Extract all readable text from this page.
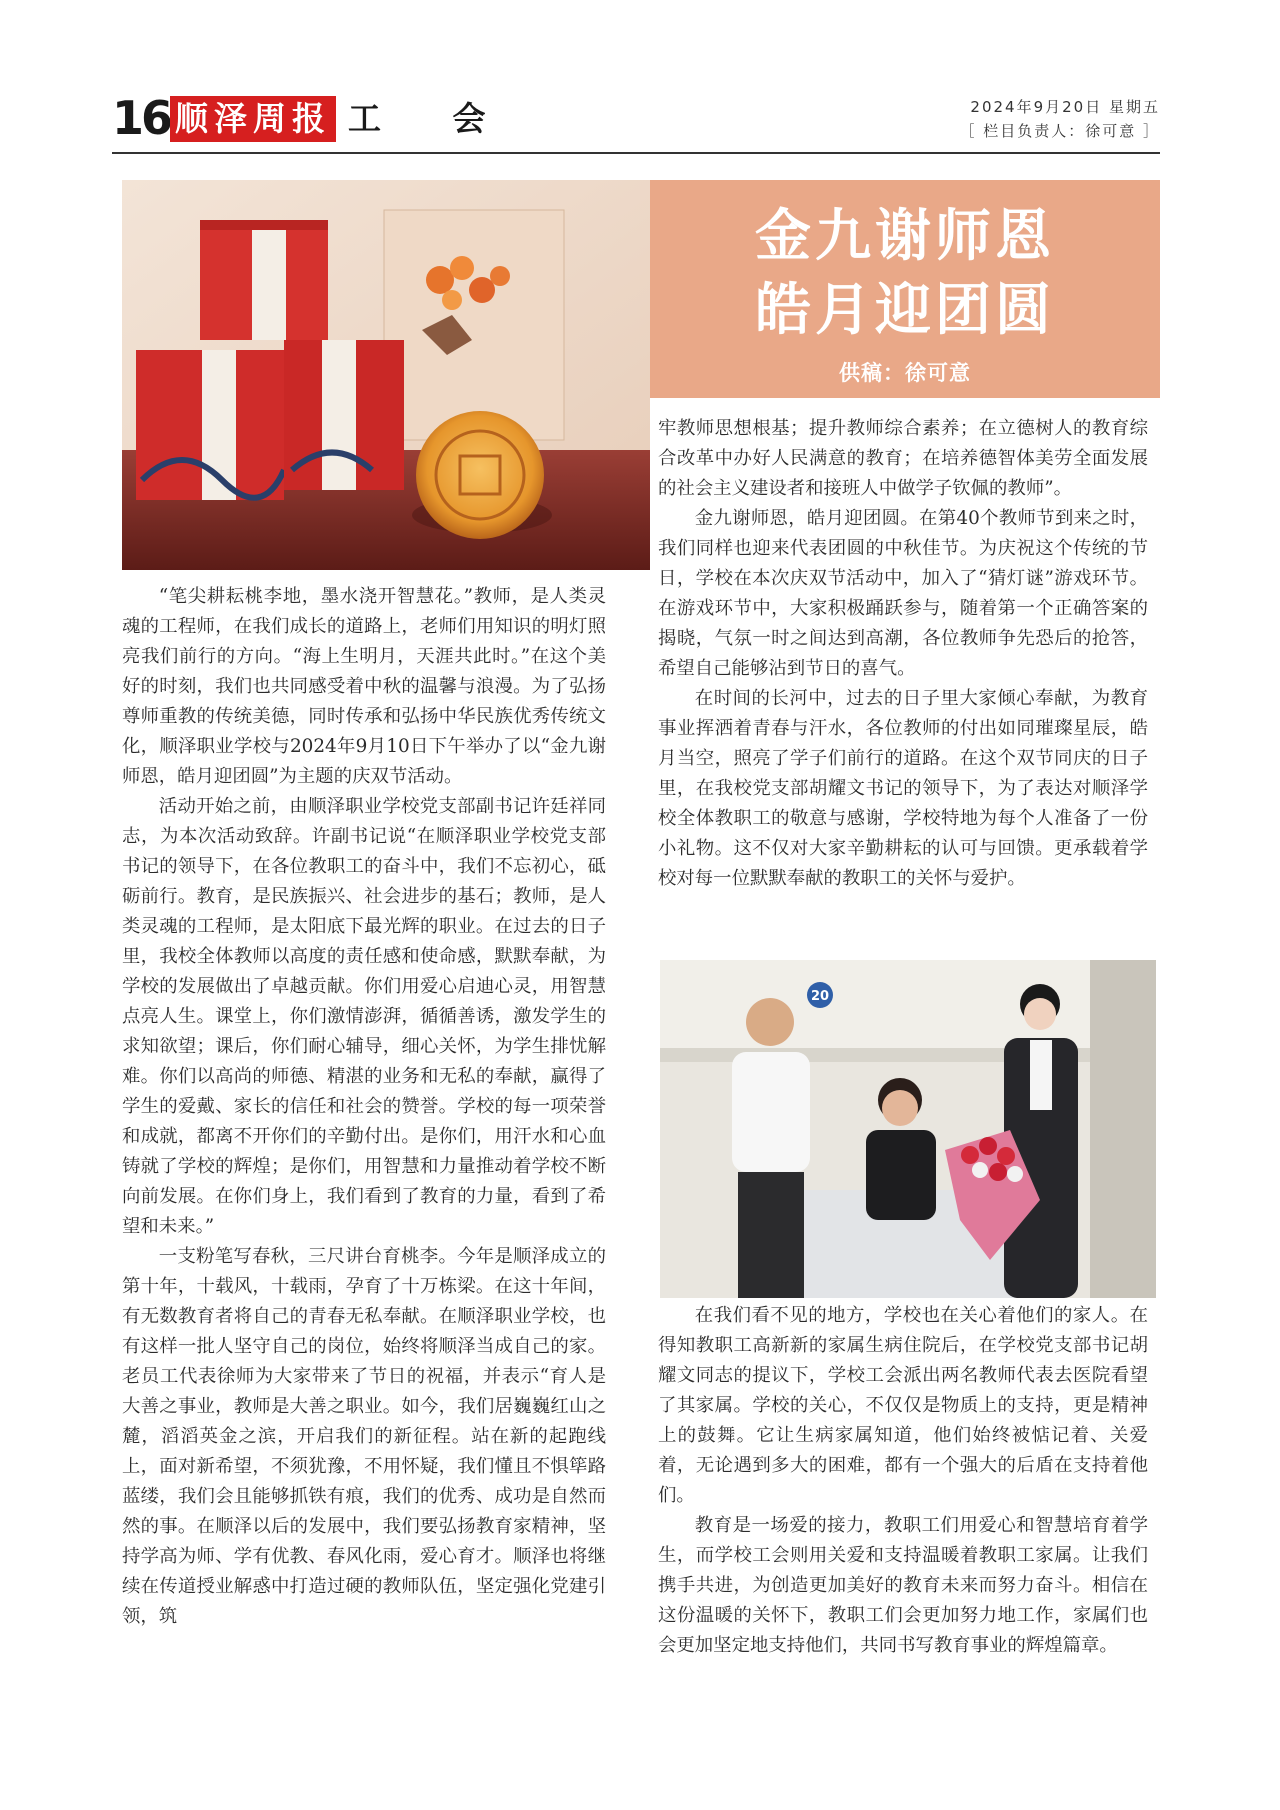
16 顺泽周报 工 会	2024年9月20日 星期五
［ 栏目负责人：徐可意 ］
金九谢师恩
皓月迎团圆
供稿：徐可意

“笔尖耕耘桃李地，墨水浇开智慧花。”教师，是人类灵魂的工程师，在我们成长的道路上，老师们用知识的明灯照亮我们前行的方向。“海上生明月，天涯共此时。”在这个美好的时刻，我们也共同感受着中秋的温馨与浪漫。为了弘扬尊师重教的传统美德，同时传承和弘扬中华民族优秀传统文化，顺泽职业学校与2024年9月10日下午举办了以“金九谢师恩，皓月迎团圆”为主题的庆双节活动。

活动开始之前，由顺泽职业学校党支部副书记许廷祥同志，为本次活动致辞。许副书记说“在顺泽职业学校党支部书记的领导下，在各位教职工的奋斗中，我们不忘初心，砥砺前行。教育，是民族振兴、社会进步的基石；教师，是人类灵魂的工程师，是太阳底下最光辉的职业。在过去的日子里，我校全体教师以高度的责任感和使命感，默默奉献，为学校的发展做出了卓越贡献。你们用爱心启迪心灵，用智慧点亮人生。课堂上，你们激情澎湃，循循善诱，激发学生的求知欲望；课后，你们耐心辅导，细心关怀，为学生排忧解难。你们以高尚的师德、精湛的业务和无私的奉献，赢得了学生的爱戴、家长的信任和社会的赞誉。学校的每一项荣誉和成就，都离不开你们的辛勤付出。是你们，用汗水和心血铸就了学校的辉煌；是你们，用智慧和力量推动着学校不断向前发展。在你们身上，我们看到了教育的力量，看到了希望和未来。”

一支粉笔写春秋，三尺讲台育桃李。今年是顺泽成立的第十年，十载风，十载雨，孕育了十万栋梁。在这十年间，有无数教育者将自己的青春无私奉献。在顺泽职业学校，也有这样一批人坚守自己的岗位，始终将顺泽当成自己的家。老员工代表徐师为大家带来了节日的祝福，并表示“育人是大善之事业，教师是大善之职业。如今，我们居巍巍红山之麓，滔滔英金之滨，开启我们的新征程。站在新的起跑线上，面对新希望，不须犹豫，不用怀疑，我们懂且不惧筚路蓝缕，我们会且能够抓铁有痕，我们的优秀、成功是自然而然的事。在顺泽以后的发展中，我们要弘扬教育家精神，坚持学高为师、学有优教、春风化雨，爱心育才。顺泽也将继续在传道授业解惑中打造过硬的教师队伍，坚定强化党建引领，筑

牢教师思想根基；提升教师综合素养；在立德树人的教育综合改革中办好人民满意的教育；在培养德智体美劳全面发展的社会主义建设者和接班人中做学子钦佩的教师”。

金九谢师恩，皓月迎团圆。在第40个教师节到来之时，我们同样也迎来代表团圆的中秋佳节。为庆祝这个传统的节日，学校在本次庆双节活动中，加入了“猜灯谜”游戏环节。在游戏环节中，大家积极踊跃参与，随着第一个正确答案的揭晓，气氛一时之间达到高潮，各位教师争先恐后的抢答，希望自己能够沾到节日的喜气。

在时间的长河中，过去的日子里大家倾心奉献，为教育事业挥洒着青春与汗水，各位教师的付出如同璀璨星辰，皓月当空，照亮了学子们前行的道路。在这个双节同庆的日子里，在我校党支部胡耀文书记的领导下，为了表达对顺泽学校全体教职工的敬意与感谢，学校特地为每个人准备了一份小礼物。这不仅对大家辛勤耕耘的认可与回馈。更承载着学校对每一位默默奉献的教职工的关怀与爱护。

20

在我们看不见的地方，学校也在关心着他们的家人。在得知教职工高新新的家属生病住院后，在学校党支部书记胡耀文同志的提议下，学校工会派出两名教师代表去医院看望了其家属。学校的关心，不仅仅是物质上的支持，更是精神上的鼓舞。它让生病家属知道，他们始终被惦记着、关爱着，无论遇到多大的困难，都有一个强大的后盾在支持着他们。

教育是一场爱的接力，教职工们用爱心和智慧培育着学生，而学校工会则用关爱和支持温暖着教职工家属。让我们携手共进，为创造更加美好的教育未来而努力奋斗。相信在这份温暖的关怀下，教职工们会更加努力地工作，家属们也会更加坚定地支持他们，共同书写教育事业的辉煌篇章。
